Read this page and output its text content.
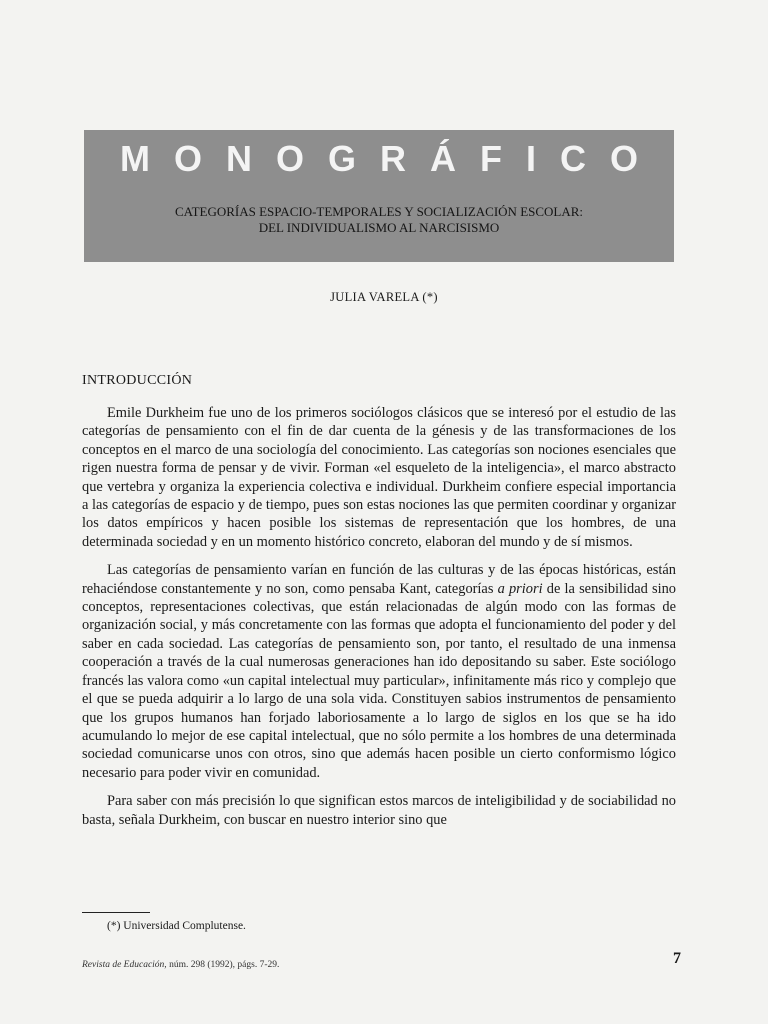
MONOGRÁFICO
CATEGORÍAS ESPACIO-TEMPORALES Y SOCIALIZACIÓN ESCOLAR:
DEL INDIVIDUALISMO AL NARCISISMO
JULIA VARELA (*)
INTRODUCCIÓN

Emile Durkheim fue uno de los primeros sociólogos clásicos que se interesó por el estudio de las categorías de pensamiento con el fin de dar cuenta de la génesis y de las transformaciones de los conceptos en el marco de una sociología del conocimiento. Las categorías son nociones esenciales que rigen nuestra forma de pensar y de vivir. Forman «el esqueleto de la inteligencia», el marco abstracto que vertebra y organiza la experiencia colectiva e individual. Durkheim confiere especial importancia a las categorías de espacio y de tiempo, pues son estas nociones las que permiten coordinar y organizar los datos empíricos y hacen posible los sistemas de representación que los hombres, de una determinada sociedad y en un momento histórico concreto, elaboran del mundo y de sí mismos.

Las categorías de pensamiento varían en función de las culturas y de las épocas históricas, están rehaciéndose constantemente y no son, como pensaba Kant, categorías a priori de la sensibilidad sino conceptos, representaciones colectivas, que están relacionadas de algún modo con las formas de organización social, y más concretamente con las formas que adopta el funcionamiento del poder y del saber en cada sociedad. Las categorías de pensamiento son, por tanto, el resultado de una inmensa cooperación a través de la cual numerosas generaciones han ido depositando su saber. Este sociólogo francés las valora como «un capital intelectual muy particular», infinitamente más rico y complejo que el que se pueda adquirir a lo largo de una sola vida. Constituyen sabios instrumentos de pensamiento que los grupos humanos han forjado laboriosamente a lo largo de siglos en los que se ha ido acumulando lo mejor de ese capital intelectual, que no sólo permite a los hombres de una determinada sociedad comunicarse unos con otros, sino que además hacen posible un cierto conformismo lógico necesario para poder vivir en comunidad.

Para saber con más precisión lo que significan estos marcos de inteligibilidad y de sociabilidad no basta, señala Durkheim, con buscar en nuestro interior sino que

(*) Universidad Complutense.
Revista de Educación, núm. 298 (1992), págs. 7-29.	7
